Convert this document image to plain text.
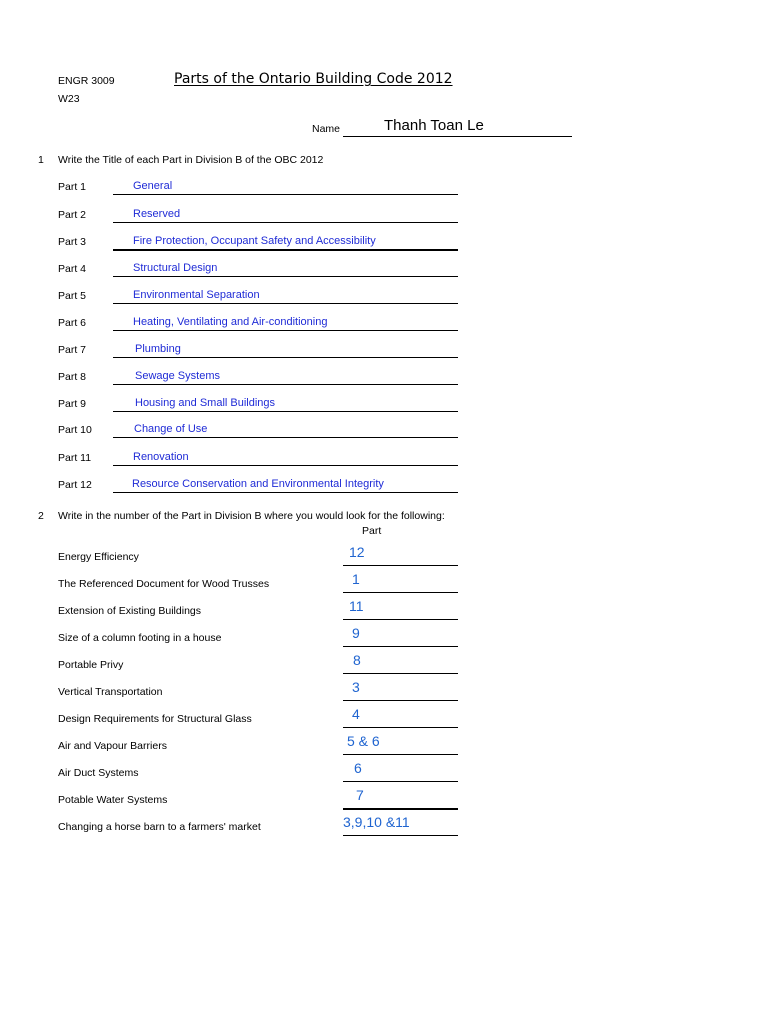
ENGR 3009
W23
Parts of the Ontario Building Code 2012
Name	Thanh Toan Le
1 Write the Title of each Part in Division B of the OBC 2012
Part 1	General
Part 2	Reserved
Part 3	Fire Protection, Occupant Safety and Accessibility
Part 4	Structural Design
Part 5	Environmental Separation
Part 6	Heating, Ventilating and Air-conditioning
Part 7	Plumbing
Part 8	Sewage Systems
Part 9	Housing and Small Buildings
Part 10	Change of Use
Part 11	Renovation
Part 12	Resource Conservation and Environmental Integrity
2 Write in the number of the Part in Division B where you would look for the following:
Part
Energy Efficiency	12
The Referenced Document for Wood Trusses	1
Extension of Existing Buildings	11
Size of a column footing in a house	9
Portable Privy	8
Vertical Transportation	3
Design Requirements for Structural Glass	4
Air and Vapour Barriers	5 & 6
Air Duct Systems	6
Potable Water Systems	7
Changing a horse barn to a farmers' market	3,9,10 &11
